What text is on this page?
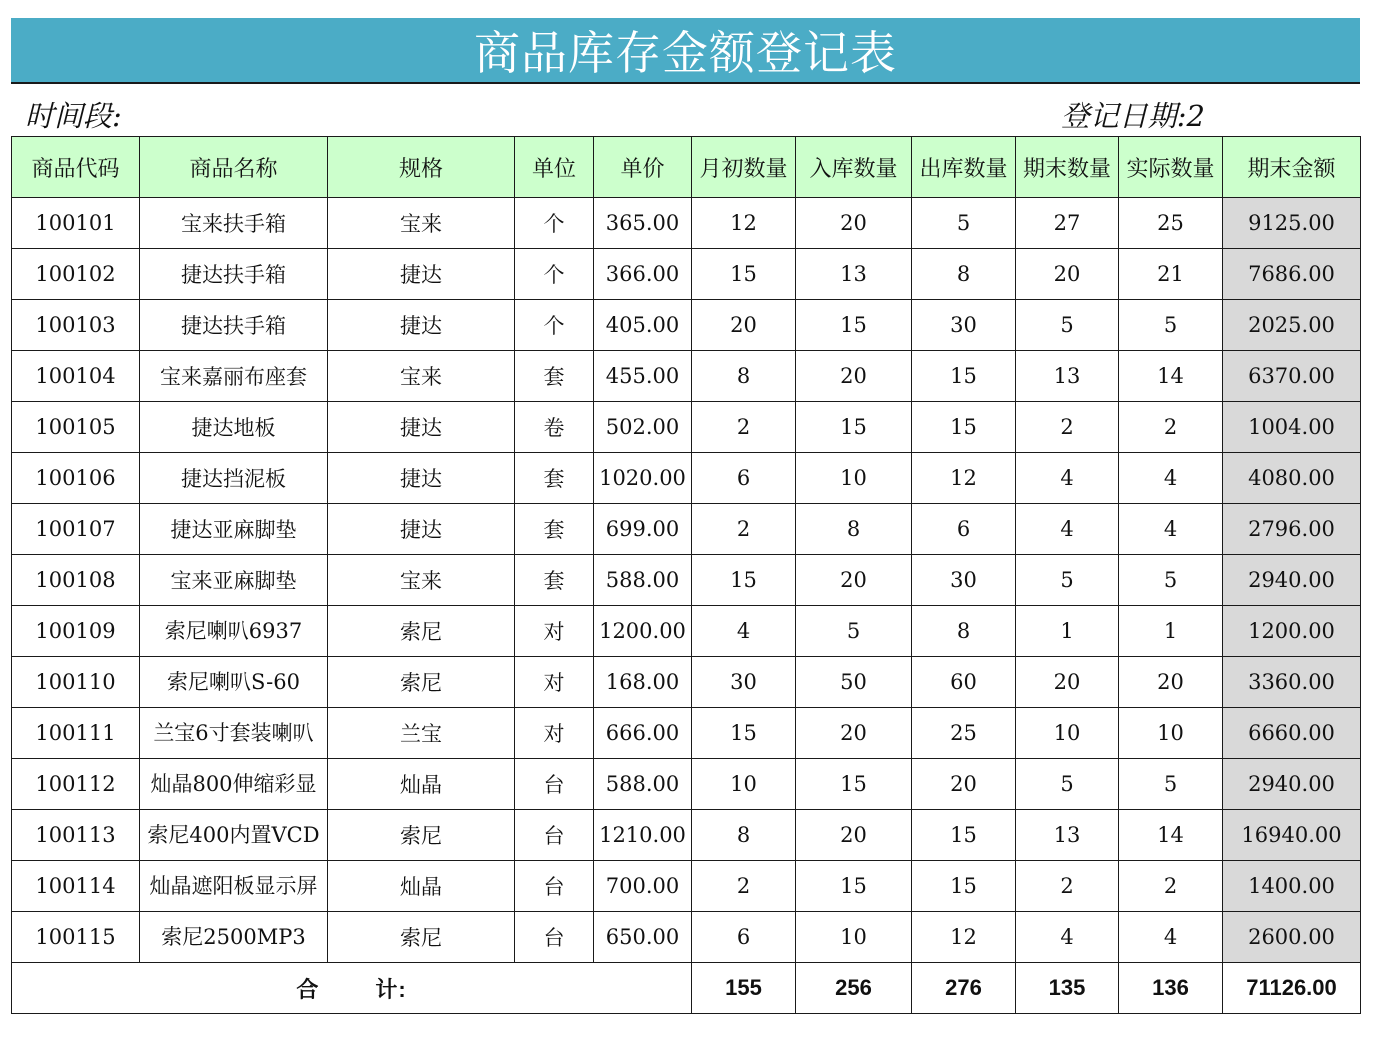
商品库存金额登记表
时间段:	登记日期:2
商品代码	商品名称	规格	单位	单价	月初数量	入库数量	出库数量	期末数量	实际数量	期末金额
100101	宝来扶手箱	宝来	个	365.00	12	20	5	27	25	9125.00
100102	捷达扶手箱	捷达	个	366.00	15	13	8	20	21	7686.00
100103	捷达扶手箱	捷达	个	405.00	20	15	30	5	5	2025.00
100104	宝来嘉丽布座套	宝来	套	455.00	8	20	15	13	14	6370.00
100105	捷达地板	捷达	卷	502.00	2	15	15	2	2	1004.00
100106	捷达挡泥板	捷达	套	1020.00	6	10	12	4	4	4080.00
100107	捷达亚麻脚垫	捷达	套	699.00	2	8	6	4	4	2796.00
100108	宝来亚麻脚垫	宝来	套	588.00	15	20	30	5	5	2940.00
100109	索尼喇叭6937	索尼	对	1200.00	4	5	8	1	1	1200.00
100110	索尼喇叭S-60	索尼	对	168.00	30	50	60	20	20	3360.00
100111	兰宝6寸套装喇叭	兰宝	对	666.00	15	20	25	10	10	6660.00
100112	灿晶800伸缩彩显	灿晶	台	588.00	10	15	20	5	5	2940.00
100113	索尼400内置VCD	索尼	台	1210.00	8	20	15	13	14	16940.00
100114	灿晶遮阳板显示屏	灿晶	台	700.00	2	15	15	2	2	1400.00
100115	索尼2500MP3	索尼	台	650.00	6	10	12	4	4	2600.00
合 计:					155	256	276	135	136	71126.00
